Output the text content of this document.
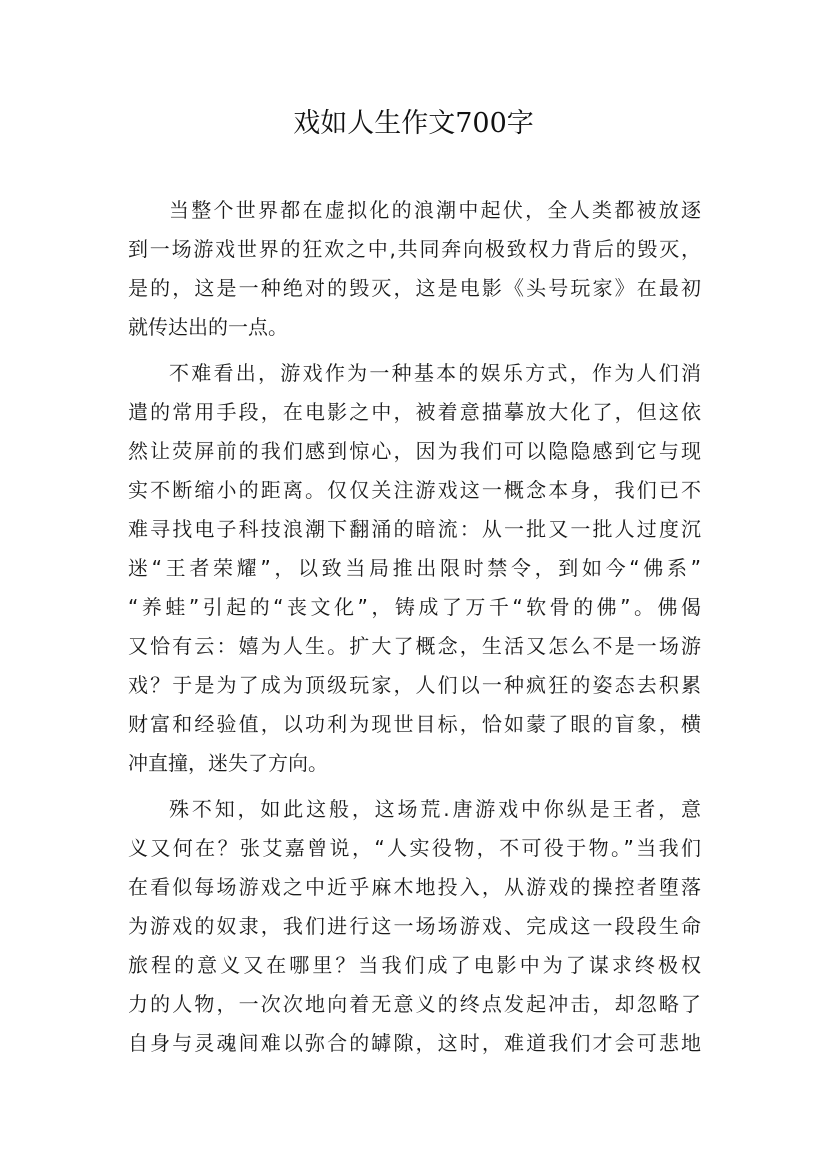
戏如人生作文700字

当整个世界都在虚拟化的浪潮中起伏，全人类都被放逐
到一场游戏世界的狂欢之中,共同奔向极致权力背后的毁灭，
是的，这是一种绝对的毁灭，这是电影《头号玩家》在最初
就传达出的一点。

不难看出，游戏作为一种基本的娱乐方式，作为人们消
遣的常用手段，在电影之中，被着意描摹放大化了，但这依
然让荧屏前的我们感到惊心，因为我们可以隐隐感到它与现
实不断缩小的距离。仅仅关注游戏这一概念本身，我们已不
难寻找电子科技浪潮下翻涌的暗流：从一批又一批人过度沉
迷“王者荣耀”，以致当局推出限时禁令，到如今“佛系”
“养蛙”引起的“丧文化”，铸成了万千“软骨的佛”。佛偈
又恰有云：嬉为人生。扩大了概念，生活又怎么不是一场游
戏？于是为了成为顶级玩家，人们以一种疯狂的姿态去积累
财富和经验值，以功利为现世目标，恰如蒙了眼的盲象，横
冲直撞，迷失了方向。

殊不知，如此这般，这场荒.唐游戏中你纵是王者，意
义又何在？张艾嘉曾说，“人实役物，不可役于物。”当我们
在看似每场游戏之中近乎麻木地投入，从游戏的操控者堕落
为游戏的奴隶，我们进行这一场场游戏、完成这一段段生命
旅程的意义又在哪里？当我们成了电影中为了谋求终极权
力的人物，一次次地向着无意义的终点发起冲击，却忽略了
自身与灵魂间难以弥合的罅隙，这时，难道我们才会可悲地
